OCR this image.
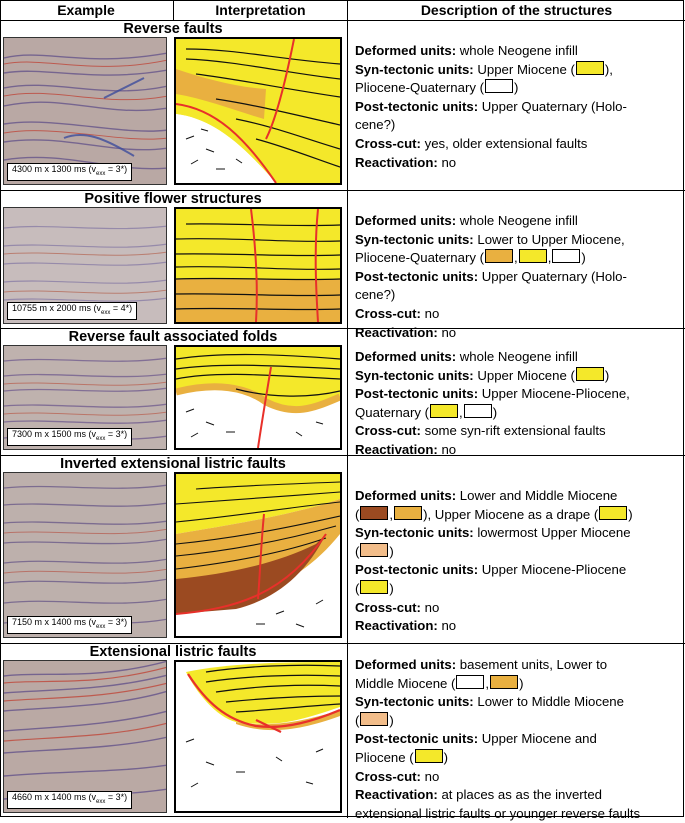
Example	Interpretation	Description of the structures
Reverse faults
4300 m x 1300 ms $(v_{exx} = 3*)$
Deformed units: whole Neogene infill
Syn-tectonic units: Upper Miocene ( ),
Pliocene-Quaternary ( )
Post-tectonic units: Upper Quaternary (Holo-
cene?)
Cross-cut: yes, older extensional faults
Reactivation: no
Positive flower structures
10755 m x 2000 ms $(v_{exx} = 4*)$
Deformed units: whole Neogene infill
Syn-tectonic units: Lower to Upper Miocene,
Pliocene-Quaternary ( , , )
Post-tectonic units: Upper Quaternary (Holo-
cene?)
Cross-cut: no
Reactivation: no
Reverse fault associated folds
7300 m x 1500 ms $(v_{exx} = 3*)$
Deformed units: whole Neogene infill
Syn-tectonic units: Upper Miocene ( )
Post-tectonic units: Upper Miocene-Pliocene,
Quaternary ( , )
Cross-cut: some syn-rift extensional faults
Reactivation: no
Inverted extensional listric faults
7150 m x 1400 ms $(v_{exx} = 3*)$
Deformed units: Lower and Middle Miocene
( , ), Upper Miocene as a drape ( )
Syn-tectonic units: lowermost Upper Miocene
( )
Post-tectonic units: Upper Miocene-Pliocene
( )
Cross-cut: no
Reactivation: no
Extensional listric faults
4660 m x 1400 ms $(v_{exx} = 3*)$
Deformed units: basement units, Lower to
Middle Miocene ( , )
Syn-tectonic units: Lower to Middle Miocene
( )
Post-tectonic units: Upper Miocene and
Pliocene ( )
Cross-cut: no
Reactivation: at places as as the inverted
extensional listric faults or younger reverse faults
